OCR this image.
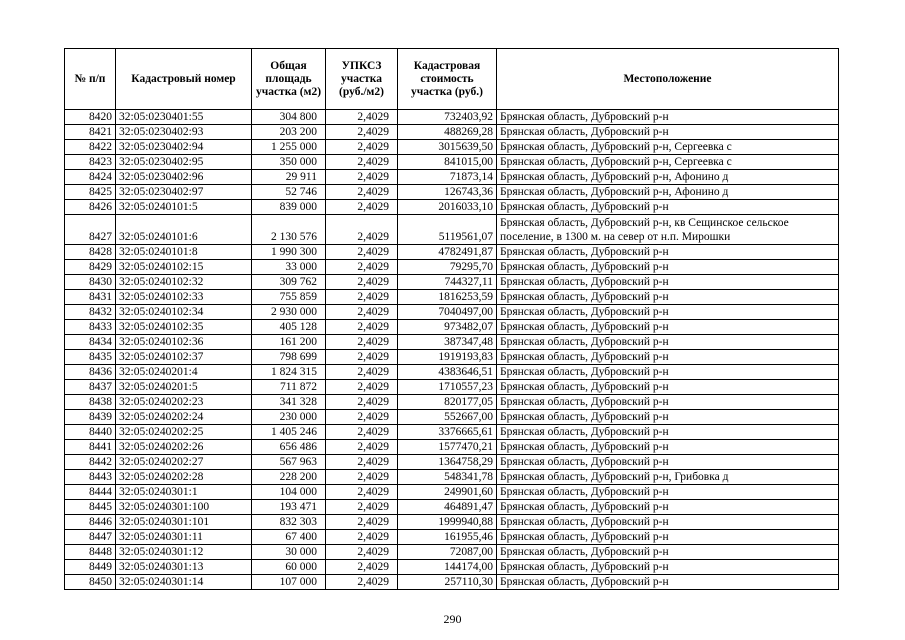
№ п/п	Кадастровый номер	Общая площадь участка (м2)	УПКСЗ участка (руб./м2)	Кадастровая стоимость участка (руб.)	Местоположение
8420	32:05:0230401:55	304 800	2,4029	732403,92	Брянская область, Дубровский р-н
8421	32:05:0230402:93	203 200	2,4029	488269,28	Брянская область, Дубровский р-н
8422	32:05:0230402:94	1 255 000	2,4029	3015639,50	Брянская область, Дубровский р-н, Сергеевка с
8423	32:05:0230402:95	350 000	2,4029	841015,00	Брянская область, Дубровский р-н, Сергеевка с
8424	32:05:0230402:96	29 911	2,4029	71873,14	Брянская область, Дубровский р-н, Афонино д
8425	32:05:0230402:97	52 746	2,4029	126743,36	Брянская область, Дубровский р-н, Афонино д
8426	32:05:0240101:5	839 000	2,4029	2016033,10	Брянская область, Дубровский р-н
8427	32:05:0240101:6	2 130 576	2,4029	5119561,07	Брянская область, Дубровский р-н, кв Сещинское сельское поселение, в 1300 м. на север от н.п. Мирошки
8428	32:05:0240101:8	1 990 300	2,4029	4782491,87	Брянская область, Дубровский р-н
8429	32:05:0240102:15	33 000	2,4029	79295,70	Брянская область, Дубровский р-н
8430	32:05:0240102:32	309 762	2,4029	744327,11	Брянская область, Дубровский р-н
8431	32:05:0240102:33	755 859	2,4029	1816253,59	Брянская область, Дубровский р-н
8432	32:05:0240102:34	2 930 000	2,4029	7040497,00	Брянская область, Дубровский р-н
8433	32:05:0240102:35	405 128	2,4029	973482,07	Брянская область, Дубровский р-н
8434	32:05:0240102:36	161 200	2,4029	387347,48	Брянская область, Дубровский р-н
8435	32:05:0240102:37	798 699	2,4029	1919193,83	Брянская область, Дубровский р-н
8436	32:05:0240201:4	1 824 315	2,4029	4383646,51	Брянская область, Дубровский р-н
8437	32:05:0240201:5	711 872	2,4029	1710557,23	Брянская область, Дубровский р-н
8438	32:05:0240202:23	341 328	2,4029	820177,05	Брянская область, Дубровский р-н
8439	32:05:0240202:24	230 000	2,4029	552667,00	Брянская область, Дубровский р-н
8440	32:05:0240202:25	1 405 246	2,4029	3376665,61	Брянская область, Дубровский р-н
8441	32:05:0240202:26	656 486	2,4029	1577470,21	Брянская область, Дубровский р-н
8442	32:05:0240202:27	567 963	2,4029	1364758,29	Брянская область, Дубровский р-н
8443	32:05:0240202:28	228 200	2,4029	548341,78	Брянская область, Дубровский р-н, Грибовка д
8444	32:05:0240301:1	104 000	2,4029	249901,60	Брянская область, Дубровский р-н
8445	32:05:0240301:100	193 471	2,4029	464891,47	Брянская область, Дубровский р-н
8446	32:05:0240301:101	832 303	2,4029	1999940,88	Брянская область, Дубровский р-н
8447	32:05:0240301:11	67 400	2,4029	161955,46	Брянская область, Дубровский р-н
8448	32:05:0240301:12	30 000	2,4029	72087,00	Брянская область, Дубровский р-н
8449	32:05:0240301:13	60 000	2,4029	144174,00	Брянская область, Дубровский р-н
8450	32:05:0240301:14	107 000	2,4029	257110,30	Брянская область, Дубровский р-н
290
